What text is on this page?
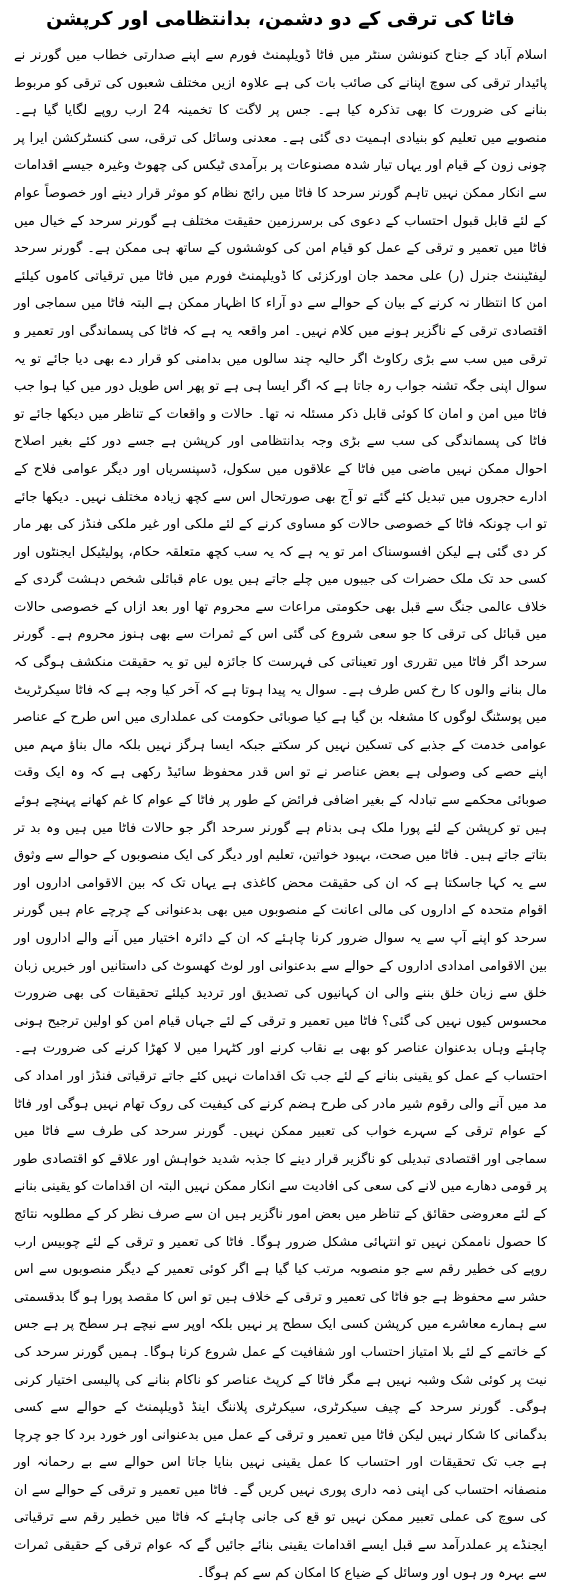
فاٹا کی ترقی کے دو دشمن، بدانتظامی اور کرپشن

اسلام آباد کے جناح کنونشن سنٹر میں فاٹا ڈویلپمنٹ فورم سے اپنے صدارتی خطاب میں گورنر نے پائیدار ترقی کی سوچ اپنانے کی صائب بات کی ہے علاوہ ازیں مختلف شعبوں کی ترقی کو مربوط بنانے کی ضرورت کا بھی تذکرہ کیا ہے۔ جس پر لاگت کا تخمینہ 24 ارب روپے لگایا گیا ہے۔ منصوبے میں تعلیم کو بنیادی اہمیت دی گئی ہے۔ معدنی وسائل کی ترقی، سی کنسٹرکشن ایرا پر چونی زون کے قیام اور یہاں تیار شدہ مصنوعات پر برآمدی ٹیکس کی چھوٹ وغیرہ جیسے اقدامات سے انکار ممکن نہیں تاہم گورنر سرحد کا فاٹا میں رائج نظام کو موثر قرار دینے اور خصوصاً عوام کے لئے قابل قبول احتساب کے دعوی کی برسرزمین حقیقت مختلف ہے گورنر سرحد کے خیال میں فاٹا میں تعمیر و ترقی کے عمل کو قیام امن کی کوششوں کے ساتھ ہی ممکن ہے۔ گورنر سرحد لیفٹیننٹ جنرل (ر) علی محمد جان اورکزئی کا ڈویلپمنٹ فورم میں فاٹا میں ترقیاتی کاموں کیلئے امن کا انتظار نہ کرنے کے بیان کے حوالے سے دو آراء کا اظہار ممکن ہے البتہ فاٹا میں سماجی اور اقتصادی ترقی کے ناگزیر ہونے میں کلام نہیں۔ امر واقعہ یہ ہے کہ فاٹا کی پسماندگی اور تعمیر و ترقی میں سب سے بڑی رکاوٹ اگر حالیہ چند سالوں میں بدامنی کو قرار دے بھی دیا جائے تو یہ سوال اپنی جگہ تشنہ جواب رہ جاتا ہے کہ اگر ایسا ہی ہے تو پھر اس طویل دور میں کیا ہوا جب فاٹا میں امن و امان کا کوئی قابل ذکر مسئلہ نہ تھا۔ حالات و واقعات کے تناظر میں دیکھا جائے تو فاٹا کی پسماندگی کی سب سے بڑی وجہ بدانتظامی اور کرپشن ہے جسے دور کئے بغیر اصلاح احوال ممکن نہیں ماضی میں فاٹا کے علاقوں میں سکول، ڈسپنسریاں اور دیگر عوامی فلاح کے ادارے حجروں میں تبدیل کئے گئے تو آج بھی صورتحال اس سے کچھ زیادہ مختلف نہیں۔ دیکھا جائے تو اب چونکہ فاٹا کے خصوصی حالات کو مساوی کرنے کے لئے ملکی اور غیر ملکی فنڈز کی بھر مار کر دی گئی ہے لیکن افسوسناک امر تو یہ ہے کہ یہ سب کچھ متعلقہ حکام، پولیٹیکل ایجنٹوں اور کسی حد تک ملک حضرات کی جیبوں میں چلے جاتے ہیں یوں عام قبائلی شخص دہشت گردی کے خلاف عالمی جنگ سے قبل بھی حکومتی مراعات سے محروم تھا اور بعد ازاں کے خصوصی حالات میں قبائل کی ترقی کا جو سعی شروع کی گئی اس کے ثمرات سے بھی ہنوز محروم ہے۔ گورنر سرحد اگر فاٹا میں تقرری اور تعیناتی کی فہرست کا جائزہ لیں تو یہ حقیقت منکشف ہوگی کہ مال بنانے والوں کا رخ کس طرف ہے۔ سوال یہ پیدا ہوتا ہے کہ آخر کیا وجہ ہے کہ فاٹا سیکرٹریٹ میں پوسٹنگ لوگوں کا مشغلہ بن گیا ہے کیا صوبائی حکومت کی عملداری میں اس طرح کے عناصر عوامی خدمت کے جذبے کی تسکین نہیں کر سکتے جبکہ ایسا ہرگز نہیں بلکہ مال بناؤ مہم میں اپنے حصے کی وصولی ہے بعض عناصر نے تو اس قدر محفوظ سائیڈ رکھی ہے کہ وہ ایک وقت صوبائی محکمے سے تبادلہ کے بغیر اضافی فرائض کے طور پر فاٹا کے عوام کا غم کھانے پہنچے ہوئے ہیں تو کرپشن کے لئے پورا ملک ہی بدنام ہے گورنر سرحد اگر جو حالات فاٹا میں ہیں وہ بد تر بتاتے جاتے ہیں۔ فاٹا میں صحت، بہبود خواتین، تعلیم اور دیگر کی ایک منصوبوں کے حوالے سے وثوق سے یہ کہا جاسکتا ہے کہ ان کی حقیقت محض کاغذی ہے یہاں تک کہ بین الاقوامی اداروں اور اقوام متحدہ کے اداروں کی مالی اعانت کے منصوبوں میں بھی بدعنوانی کے چرچے عام ہیں گورنر سرحد کو اپنے آپ سے یہ سوال ضرور کرنا چاہئے کہ ان کے دائرہ اختیار میں آنے والے اداروں اور بین الاقوامی امدادی اداروں کے حوالے سے بدعنوانی اور لوٹ کھسوٹ کی داستانیں اور خبریں زبان خلق سے زبان خلق بننے والی ان کہانیوں کی تصدیق اور تردید کیلئے تحقیقات کی بھی ضرورت محسوس کیوں نہیں کی گئی؟ فاٹا میں تعمیر و ترقی کے لئے جہاں قیام امن کو اولین ترجیح ہونی چاہئے وہاں بدعنوان عناصر کو بھی بے نقاب کرنے اور کٹہرا میں لا کھڑا کرنے کی ضرورت ہے۔ احتساب کے عمل کو یقینی بنانے کے لئے جب تک اقدامات نہیں کئے جاتے ترقیاتی فنڈز اور امداد کی مد میں آنے والی رقوم شیر مادر کی طرح ہضم کرنے کی کیفیت کی روک تھام نہیں ہوگی اور فاٹا کے عوام ترقی کے سہرے خواب کی تعبیر ممکن نہیں۔ گورنر سرحد کی طرف سے فاٹا میں سماجی اور اقتصادی تبدیلی کو ناگزیر قرار دینے کا جذبہ شدید خواہش اور علاقے کو اقتصادی طور پر قومی دھارے میں لانے کی سعی کی افادیت سے انکار ممکن نہیں البتہ ان اقدامات کو یقینی بنانے کے لئے معروضی حقائق کے تناظر میں بعض امور ناگزیر ہیں ان سے صرف نظر کر کے مطلوبہ نتائج کا حصول ناممکن نہیں تو انتہائی مشکل ضرور ہوگا۔ فاٹا کی تعمیر و ترقی کے لئے چوبیس ارب روپے کی خطیر رقم سے جو منصوبہ مرتب کیا گیا ہے اگر کوئی تعمیر کے دیگر منصوبوں سے اس حشر سے محفوظ ہے جو فاٹا کی تعمیر و ترقی کے خلاف ہیں تو اس کا مقصد پورا ہو گا بدقسمتی سے ہمارے معاشرے میں کرپشن کسی ایک سطح پر نہیں بلکہ اوپر سے نیچے ہر سطح پر ہے جس کے خاتمے کے لئے بلا امتیاز احتساب اور شفافیت کے عمل شروع کرنا ہوگا۔ ہمیں گورنر سرحد کی نیت پر کوئی شک وشبہ نہیں ہے مگر فاٹا کے کرپٹ عناصر کو ناکام بنانے کی پالیسی اختیار کرنی ہوگی۔ گورنر سرحد کے چیف سیکرٹری، سیکرٹری پلاننگ اینڈ ڈویلپمنٹ کے حوالے سے کسی بدگمانی کا شکار نہیں لیکن فاٹا میں تعمیر و ترقی کے عمل میں بدعنوانی اور خورد برد کا جو چرچا ہے جب تک تحقیقات اور احتساب کا عمل یقینی نہیں بنایا جاتا اس حوالے سے بے رحمانہ اور منصفانہ احتساب کی اپنی ذمہ داری پوری نہیں کریں گے۔ فاٹا میں تعمیر و ترقی کے حوالے سے ان کی سوچ کی عملی تعبیر ممکن نہیں تو قع کی جانی چاہئے کہ فاٹا میں خطیر رقم سے ترقیاتی ایجنڈے پر عملدرآمد سے قبل ایسے اقدامات یقینی بنائے جائیں گے کہ عوام ترقی کے حقیقی ثمرات سے بہرہ ور ہوں اور وسائل کے ضیاع کا امکان کم سے کم ہوگا۔
